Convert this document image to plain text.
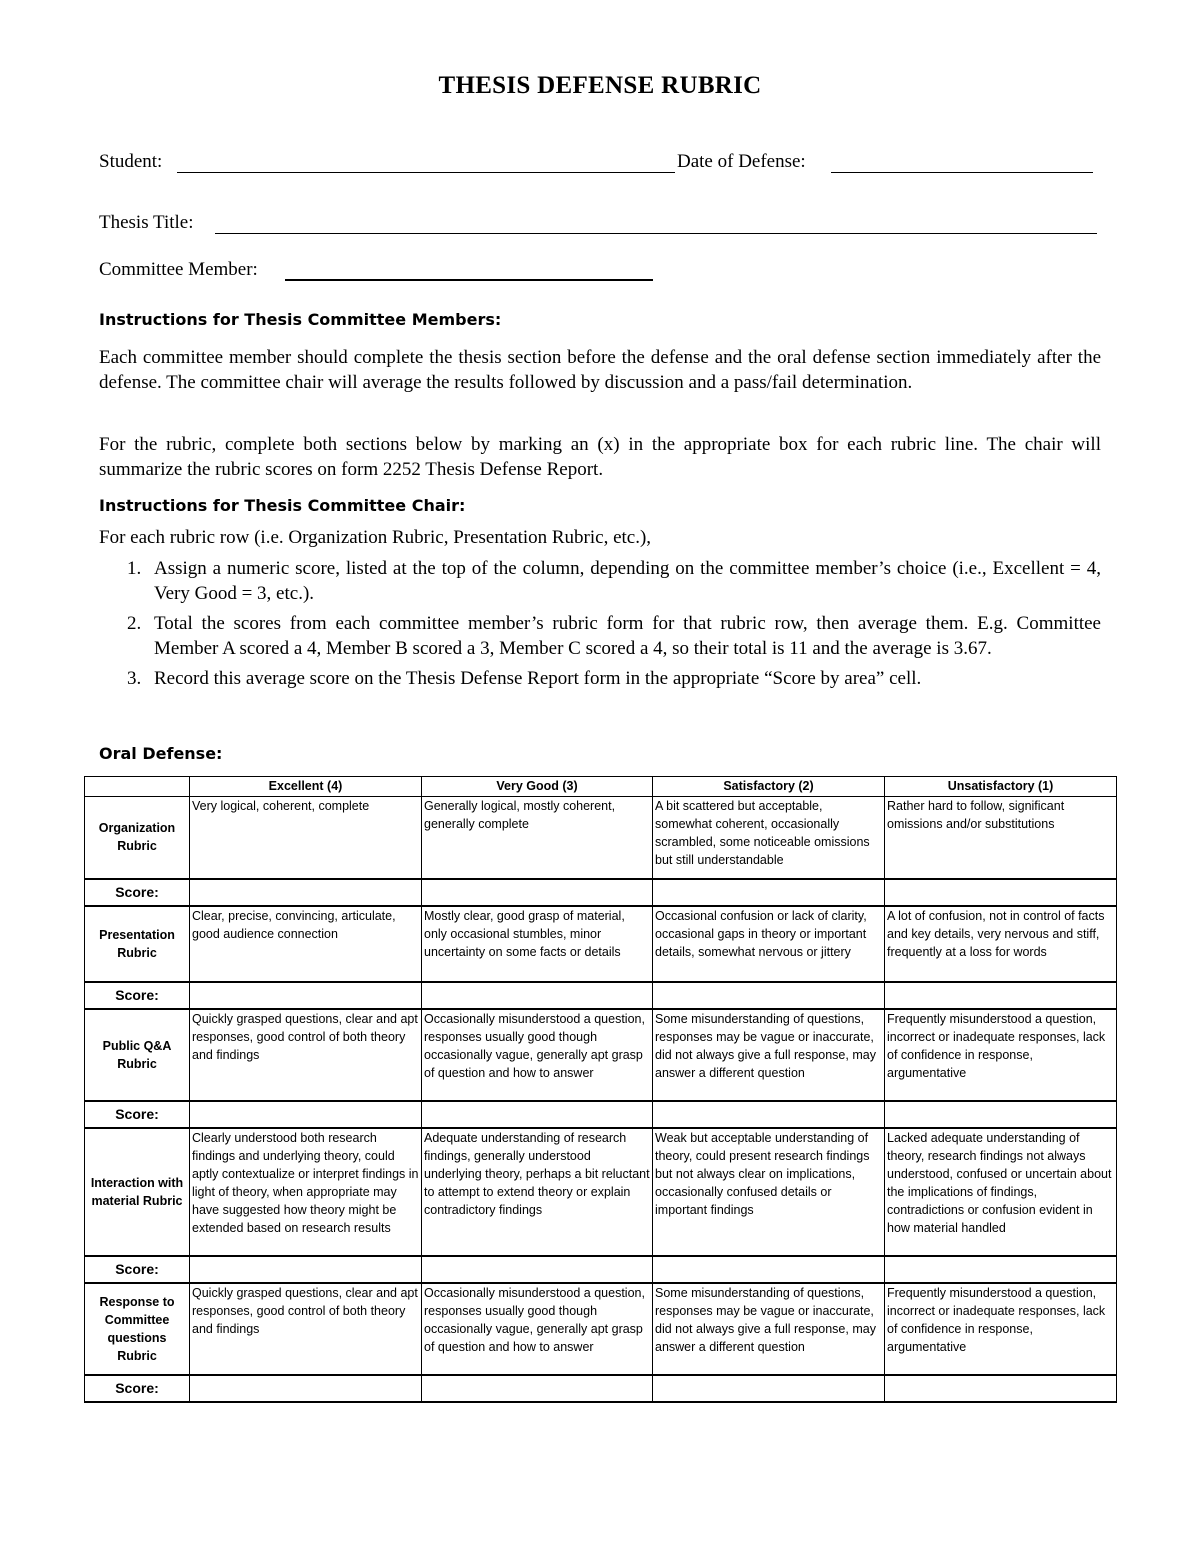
THESIS DEFENSE RUBRIC
Student:	Date of Defense:
Thesis Title:
Committee Member:
Instructions for Thesis Committee Members:
Each committee member should complete the thesis section before the defense and the oral defense section immediately after the defense. The committee chair will average the results followed by discussion and a pass/fail determination.
For the rubric, complete both sections below by marking an (x) in the appropriate box for each rubric line. The chair will summarize the rubric scores on form 2252 Thesis Defense Report.
Instructions for Thesis Committee Chair:
For each rubric row (i.e. Organization Rubric, Presentation Rubric, etc.),
1. Assign a numeric score, listed at the top of the column, depending on the committee member’s choice (i.e., Excellent = 4, Very Good = 3, etc.).
2. Total the scores from each committee member’s rubric form for that rubric row, then average them. E.g. Committee Member A scored a 4, Member B scored a 3, Member C scored a 4, so their total is 11 and the average is 3.67.
3. Record this average score on the Thesis Defense Report form in the appropriate “Score by area” cell.
Oral Defense:
	Excellent (4)	Very Good (3)	Satisfactory (2)	Unsatisfactory (1)
Organization Rubric	Very logical, coherent, complete	Generally logical, mostly coherent, generally complete	A bit scattered but acceptable, somewhat coherent, occasionally scrambled, some noticeable omissions but still understandable	Rather hard to follow, significant omissions and/or substitutions
Score:				
Presentation Rubric	Clear, precise, convincing, articulate, good audience connection	Mostly clear, good grasp of material, only occasional stumbles, minor uncertainty on some facts or details	Occasional confusion or lack of clarity, occasional gaps in theory or important details, somewhat nervous or jittery	A lot of confusion, not in control of facts and key details, very nervous and stiff, frequently at a loss for words
Score:				
Public Q&A Rubric	Quickly grasped questions, clear and apt responses, good control of both theory and findings	Occasionally misunderstood a question, responses usually good though occasionally vague, generally apt grasp of question and how to answer	Some misunderstanding of questions, responses may be vague or inaccurate, did not always give a full response, may answer a different question	Frequently misunderstood a question, incorrect or inadequate responses, lack of confidence in response, argumentative
Score:				
Interaction with material Rubric	Clearly understood both research findings and underlying theory, could aptly contextualize or interpret findings in light of theory, when appropriate may have suggested how theory might be extended based on research results	Adequate understanding of research findings, generally understood underlying theory, perhaps a bit reluctant to attempt to extend theory or explain contradictory findings	Weak but acceptable understanding of theory, could present research findings but not always clear on implications, occasionally confused details or important findings	Lacked adequate understanding of theory, research findings not always understood, confused or uncertain about the implications of findings, contradictions or confusion evident in how material handled
Score:				
Response to Committee questions Rubric	Quickly grasped questions, clear and apt responses, good control of both theory and findings	Occasionally misunderstood a question, responses usually good though occasionally vague, generally apt grasp of question and how to answer	Some misunderstanding of questions, responses may be vague or inaccurate, did not always give a full response, may answer a different question	Frequently misunderstood a question, incorrect or inadequate responses, lack of confidence in response, argumentative
Score:				
